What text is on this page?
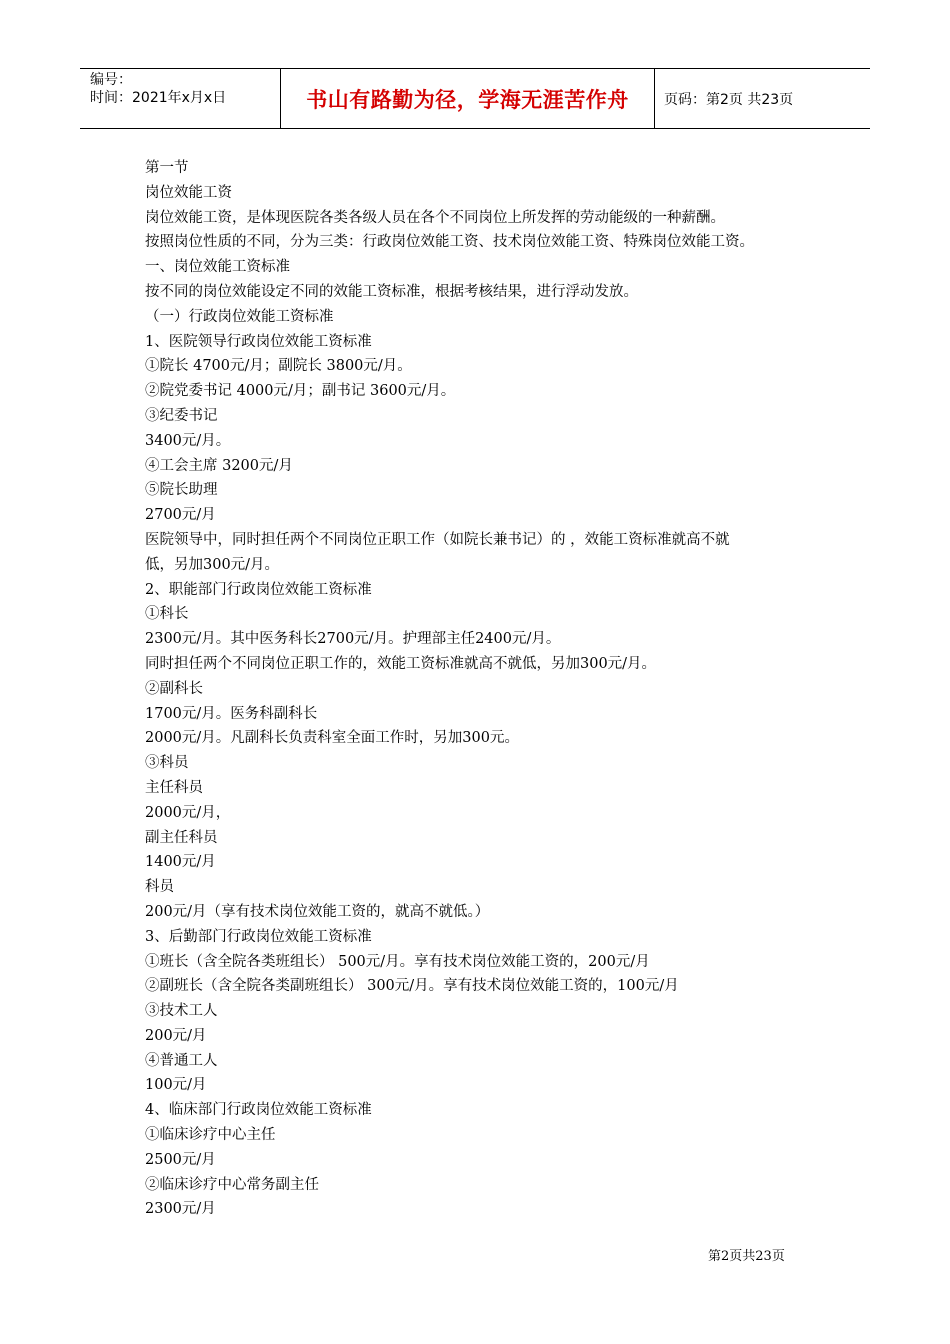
编号：
时间：2021年x月x日	书山有路勤为径，学海无涯苦作舟	页码：第2页 共23页
第一节
岗位效能工资
岗位效能工资，是体现医院各类各级人员在各个不同岗位上所发挥的劳动能级的一种薪酬。
按照岗位性质的不同，分为三类：行政岗位效能工资、技术岗位效能工资、特殊岗位效能工资。
一、岗位效能工资标准
按不同的岗位效能设定不同的效能工资标准，根据考核结果，进行浮动发放。
（一）行政岗位效能工资标准
1、医院领导行政岗位效能工资标准
①院长 4700元/月；副院长 3800元/月。
②院党委书记 4000元/月；副书记 3600元/月。
③纪委书记
3400元/月。
④工会主席 3200元/月
⑤院长助理
2700元/月
医院领导中，同时担任两个不同岗位正职工作（如院长兼书记）的 ，效能工资标准就高不就
低，另加300元/月。
2、职能部门行政岗位效能工资标准
①科长
2300元/月。其中医务科长2700元/月。护理部主任2400元/月。
同时担任两个不同岗位正职工作的，效能工资标准就高不就低，另加300元/月。
②副科长
1700元/月。医务科副科长
2000元/月。凡副科长负责科室全面工作时，另加300元。
③科员
主任科员
2000元/月，
副主任科员
1400元/月
科员
200元/月（享有技术岗位效能工资的，就高不就低。）
3、后勤部门行政岗位效能工资标准
①班长（含全院各类班组长） 500元/月。享有技术岗位效能工资的，200元/月
②副班长（含全院各类副班组长） 300元/月。享有技术岗位效能工资的，100元/月
③技术工人
200元/月
④普通工人
100元/月
4、临床部门行政岗位效能工资标准
①临床诊疗中心主任
2500元/月
②临床诊疗中心常务副主任
2300元/月
第2页共23页
